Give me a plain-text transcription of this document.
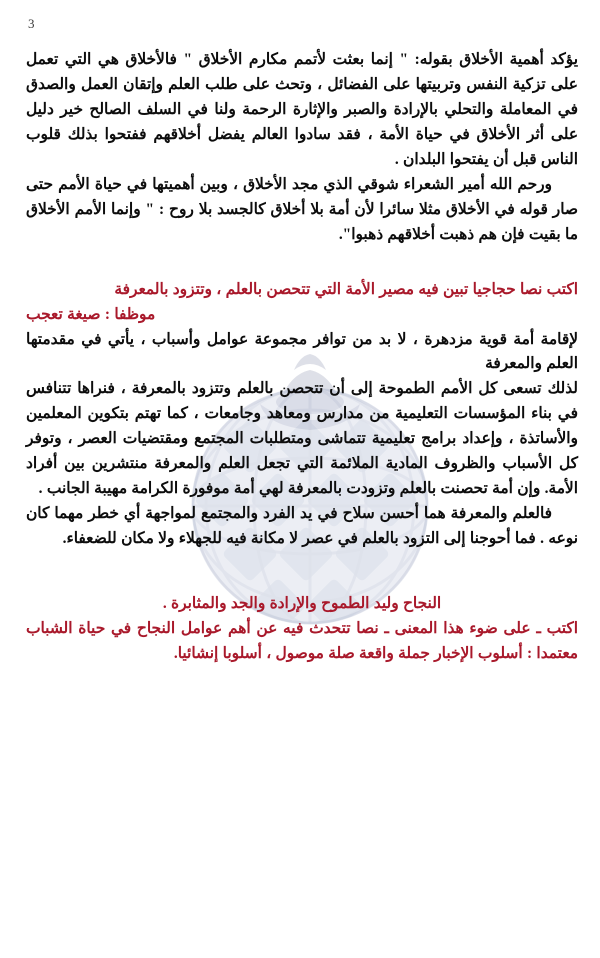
3

يؤكد أهمية الأخلاق بقوله: " إنما بعثت لأتمم مكارم الأخلاق " فالأخلاق هي التي تعمل على تزكية النفس وتربيتها على الفضائل ، وتحث على طلب العلم وإتقان العمل والصدق في المعاملة والتحلي بالإرادة والصبر والإثارة الرحمة ولنا في السلف الصالح خير دليل على أثر الأخلاق في حياة الأمة ، فقد سادوا العالم يفضل أخلاقهم ففتحوا بذلك قلوب الناس قبل أن يفتحوا البلدان .

ورحم الله أمير الشعراء شوقي الذي مجد الأخلاق ، وبين أهميتها في حياة الأمم حتى صار قوله في الأخلاق مثلا سائرا لأن أمة بلا أخلاق كالجسد بلا روح : " وإنما الأمم الأخلاق ما بقيت فإن هم ذهبت أخلاقهم ذهبوا".

اكتب نصا حجاجيا تبين فيه مصير الأمة التي تتحصن بالعلم ، وتتزود بالمعرفة

موظفا : صيغة تعجب

لإقامة أمة قوية مزدهرة ، لا بد من توافر مجموعة عوامل وأسباب ، يأتي في مقدمتها العلم والمعرفة

لذلك تسعى كل الأمم الطموحة إلى أن تتحصن بالعلم وتتزود بالمعرفة ، فنراها تتنافس في بناء المؤسسات التعليمية من مدارس ومعاهد وجامعات ، كما تهتم بتكوين المعلمين والأساتذة ، وإعداد برامج تعليمية تتماشى ومتطلبات المجتمع ومقتضيات العصر ، وتوفر كل الأسباب والظروف المادية الملائمة التي تجعل العلم والمعرفة منتشرين بين أفراد الأمة. وإن أمة تحصنت بالعلم وتزودت بالمعرفة لهي أمة موفورة الكرامة مهيبة الجانب .

فالعلم والمعرفة هما أحسن سلاح في يد الفرد والمجتمع لمواجهة أي خطر مهما كان نوعه . فما أحوجنا إلى التزود بالعلم في عصر لا مكانة فيه للجهلاء ولا مكان للضعفاء.

النجاح وليد الطموح والإرادة والجد والمثابرة .

اكتب ـ على ضوء هذا المعنى ـ نصا تتحدث فيه عن أهم عوامل النجاح في حياة الشباب معتمدا : أسلوب الإخبار جملة واقعة صلة موصول ، أسلوبا إنشائيا.
